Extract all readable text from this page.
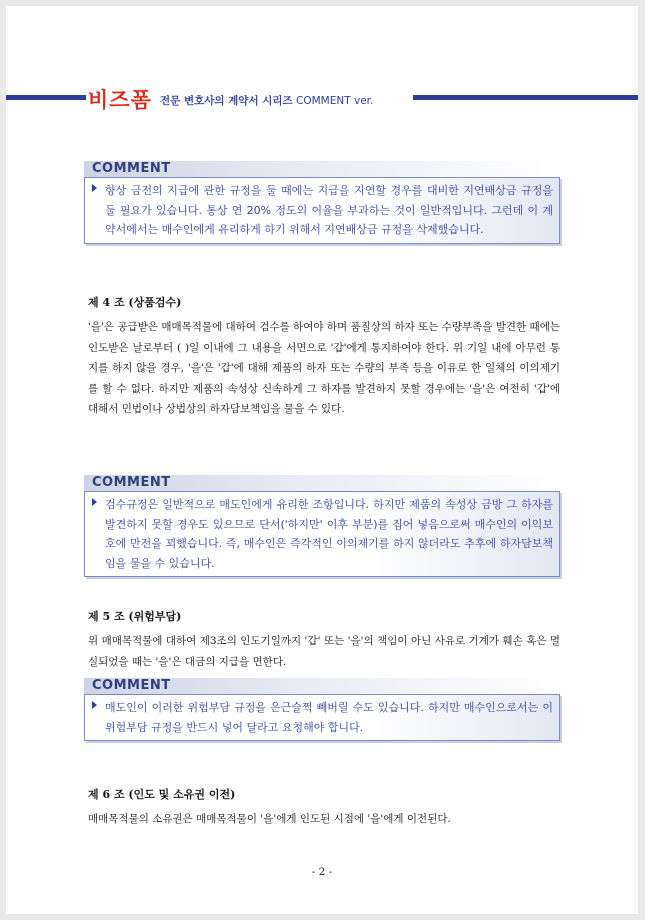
비즈폼 전문 변호사의 계약서 시리즈 COMMENT ver.
COMMENT
항상 금전의 지급에 관한 규정을 둘 때에는 지급을 지연할 경우를 대비한 지연배상금 규정을 둘 필요가 있습니다. 통상 연 20% 정도의 이율을 부과하는 것이 일반적입니다. 그런데 이 계약서에서는 매수인에게 유리하게 하기 위해서 지연배상금 규정을 삭제했습니다.
제 4 조 (상품검수)
'을'은 공급받은 매매목적물에 대하여 검수를 하여야 하며 품질상의 하자 또는 수량부족을 발견한 때에는 인도받은 날로부터 ( )일 이내에 그 내용을 서면으로 '갑'에게 통지하여야 한다. 위 기일 내에 아무런 통지를 하지 않을 경우, '을'은 '갑'에 대해 제품의 하자 또는 수량의 부족 등을 이유로 한 일체의 이의제기를 할 수 없다. 하지만 제품의 속성상 신속하게 그 하자를 발견하지 못할 경우에는 '을'은 여전히 '갑'에 대해서 민법이나 상법상의 하자담보책임을 물을 수 있다.
COMMENT
검수규정은 일반적으로 매도인에게 유리한 조항입니다. 하지만 제품의 속성상 금방 그 하자를 발견하지 못할 경우도 있으므로 단서('하지만' 이후 부분)를 집어 넣음으로써 매수인의 이익보호에 만전을 꾀했습니다. 즉, 매수인은 즉각적인 이의제기를 하지 않더라도 추후에 하자담보책임을 물을 수 있습니다.
제 5 조 (위험부담)
위 매매목적물에 대하여 제3조의 인도기일까지 '갑' 또는 '을'의 책임이 아닌 사유로 기계가 훼손 혹은 멸실되었을 때는 '을'은 대금의 지급을 면한다.
COMMENT
매도인이 이러한 위험부담 규정을 은근슬쩍 빼버릴 수도 있습니다. 하지만 매수인으로서는 이 위험부담 규정을 반드시 넣어 달라고 요청해야 합니다.
제 6 조 (인도 및 소유권 이전)
매매목적물의 소유권은 매매목적물이 '을'에게 인도된 시점에 '을'에게 이전된다.
- 2 -
